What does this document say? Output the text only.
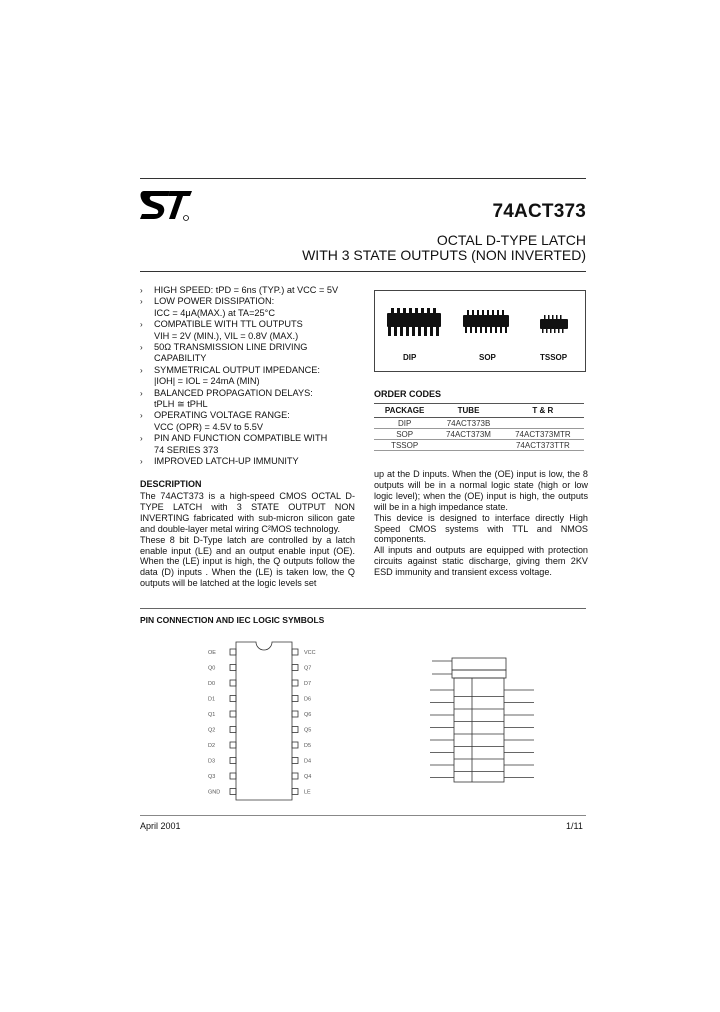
74ACT373
OCTAL D-TYPE LATCH
WITH 3 STATE OUTPUTS (NON INVERTED)
› HIGH SPEED: tPD = 6ns (TYP.) at VCC = 5V
› LOW POWER DISSIPATION:
ICC = 4μA(MAX.) at TA=25°C
› COMPATIBLE WITH TTL OUTPUTS
VIH = 2V (MIN.), VIL = 0.8V (MAX.)
› 50Ω TRANSMISSION LINE DRIVING
CAPABILITY
› SYMMETRICAL OUTPUT IMPEDANCE:
|IOH| = IOL = 24mA (MIN)
› BALANCED PROPAGATION DELAYS:
tPLH ≅ tPHL
› OPERATING VOLTAGE RANGE:
VCC (OPR) = 4.5V to 5.5V
› PIN AND FUNCTION COMPATIBLE WITH
74 SERIES 373
› IMPROVED LATCH-UP IMMUNITY
DIP	SOP	TSSOP
ORDER CODES
PACKAGE	TUBE	T & R
DIP	74ACT373B	
SOP	74ACT373M	74ACT373MTR
TSSOP		74ACT373TTR
DESCRIPTION

The 74ACT373 is a high-speed CMOS OCTAL D-TYPE LATCH with 3 STATE OUTPUT NON INVERTING fabricated with sub-micron silicon gate and double-layer metal wiring C²MOS technology.

These 8 bit D-Type latch are controlled by a latch enable input (LE) and an output enable input (OE). When the (LE) input is high, the Q outputs follow the data (D) inputs . When the (LE) is taken low, the Q outputs will be latched at the logic levels set

up at the D inputs. When the (OE) input is low, the 8 outputs will be in a normal logic state (high or low logic level); when the (OE) input is high, the outputs will be in a high impedance state.

This device is designed to interface directly High Speed CMOS systems with TTL and NMOS components.

All inputs and outputs are equipped with protection circuits against static discharge, giving them 2KV ESD immunity and transient excess voltage.

PIN CONNECTION AND IEC LOGIC SYMBOLS
OE
Q0
D0
D1
Q1
Q2
D2
D3
Q3
GND
VCC
Q7
D7
D6
Q6
Q5
D5
D4
Q4
LE

April 2001	1/11
